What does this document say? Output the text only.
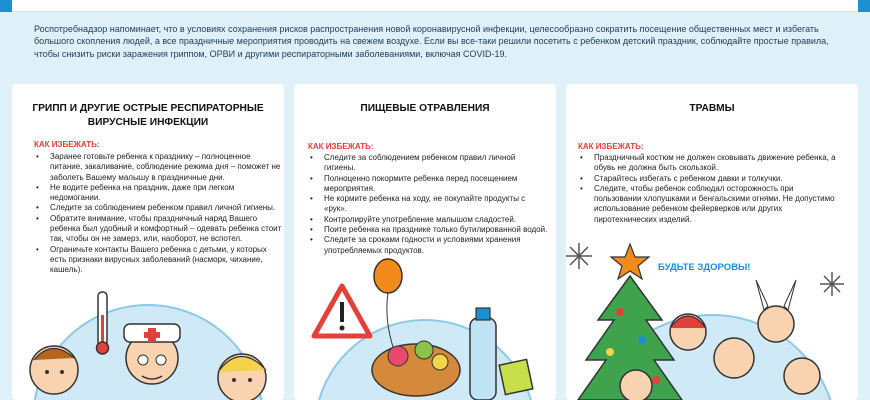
Роспотребнадзор напоминает, что в условиях сохранения рисков распространения новой коронавирусной инфекции, целесообразно сократить посещение общественных мест и избегать большого скопления людей, а все праздничные мероприятия проводить на свежем воздухе. Если вы все-таки решили посетить с ребенком детский праздник, соблюдайте простые правила, чтобы снизить риски заражения гриппом, ОРВИ и другими респираторными заболеваниями, включая COVID-19.

ГРИПП И ДРУГИЕ ОСТРЫЕ РЕСПИРАТОРНЫЕ ВИРУСНЫЕ ИНФЕКЦИИ
КАК ИЗБЕЖАТЬ:
• Заранее готовьте ребенка к празднику – полноценное питание, закаливание, соблюдение режима дня – поможет не заболеть Вашему малышу в праздничные дни.
• Не водите ребенка на праздник, даже при легком недомогании.
• Следите за соблюдением ребенком правил личной гигиены.
• Обратите внимание, чтобы праздничный наряд Вашего ребенка был удобный и комфортный – одевать ребенка стоит так, чтобы он не замерз, или, наоборот, не вспотел.
• Ограничьте контакты Вашего ребенка с детьми, у которых есть признаки вирусных заболеваний (насморк, чихание, кашель).
ПИЩЕВЫЕ ОТРАВЛЕНИЯ
КАК ИЗБЕЖАТЬ:
• Следите за соблюдением ребенком правил личной гигиены.
• Полноценно покормите ребенка перед посещением мероприятия.
• Не кормите ребенка на ходу, не покупайте продукты с «рук».
• Контролируйте употребление малышом сладостей.
• Поите ребенка на празднике только бутилированной водой.
• Следите за сроками годности и условиями хранения употребляемых продуктов.
ТРАВМЫ
КАК ИЗБЕЖАТЬ:
• Праздничный костюм не должен сковывать движение ребенка, а обувь не должна быть скользкой.
• Старайтесь избегать с ребенком давки и толкучки.
• Следите, чтобы ребенок соблюдал осторожность при пользовании хлопушками и бенгальскими огнями. Не допустимо использование ребенком фейерверков или других пиротехнических изделий.
БУДЬТЕ ЗДОРОВЫ!
